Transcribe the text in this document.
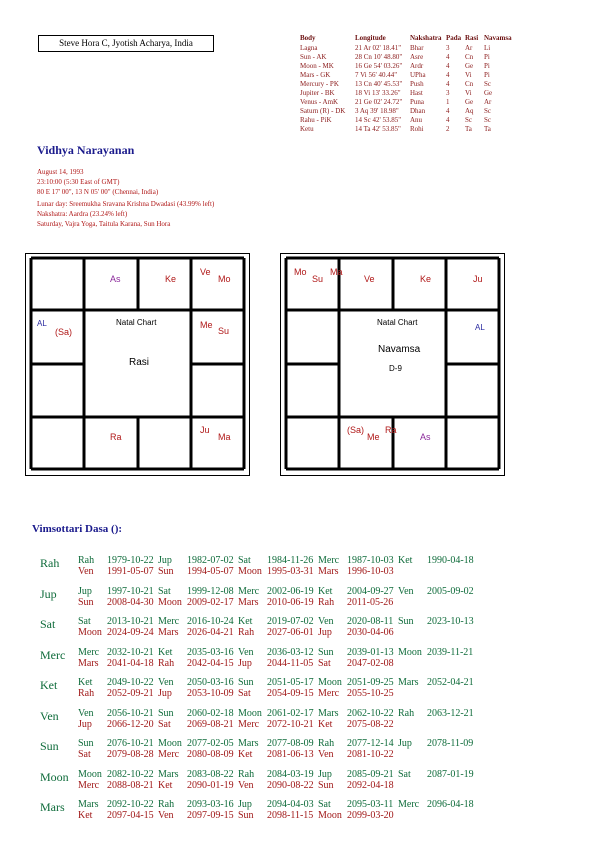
Steve Hora C, Jyotish Acharya, India	Body	Longitude	Nakshatra	Pada	Rasi	Navamsa
Lagna	21 Ar 02' 18.41"	Bhar	3	Ar	Li
Sun - AK	28 Cn 10' 48.80"	Asre	4	Cn	Pi
Moon - MK	16 Ge 54' 03.26"	Ardr	4	Ge	Pi
Mars - GK	7 Vi 56' 40.44"	UPha	4	Vi	Pi
Mercury - PK	13 Cn 40' 45.53"	Push	4	Cn	Sc
Jupiter - BK	18 Vi 13' 33.26"	Hast	3	Vi	Ge
Venus - AmK	21 Ge 02' 24.72"	Puna	1	Ge	Ar
Saturn (R) - DK	3 Aq 39' 18.98"	Dhan	4	Aq	Sc
Rahu - PiK	14 Sc 42' 53.85"	Anu	4	Sc	Sc
Ketu	14 Ta 42' 53.85"	Rohi	2	Ta	Ta
Vidhya Narayanan
August 14, 1993
23:10:00 (5:30 East of GMT)
80 E 17' 00", 13 N 05' 00" (Chennai, India)
Lunar day: Sreemukha Sravana Krishna Dwadasi (43.99% left)
Nakshatra: Aardra (23.24% left)
Saturday, Vajra Yoga, Taitula Karana, Sun Hora
As	Ke
Ve
Mo
AL
(Sa)
Me
Su
Ra
Ju
Ma
Natal Chart
Rasi
Mo
Su
Ma
Ve	Ke	Ju
AL
(Sa)
Me
Ra
As
Natal Chart
Navamsa
D-9
Vimsottari Dasa ():
Rah Rah 1979-10-22 Jup 1982-07-02 Sat 1984-11-26 Merc 1987-10-03 Ket 1990-04-18
Ven 1991-05-07 Sun 1994-05-07 Moon 1995-03-31 Mars 1996-10-03
Jup Jup 1997-10-21 Sat 1999-12-08 Merc 2002-06-19 Ket 2004-09-27 Ven 2005-09-02
Sun 2008-04-30 Moon 2009-02-17 Mars 2010-06-19 Rah 2011-05-26
Sat Sat 2013-10-21 Merc 2016-10-24 Ket 2019-07-02 Ven 2020-08-11 Sun 2023-10-13
Moon 2024-09-24 Mars 2026-04-21 Rah 2027-06-01 Jup 2030-04-06
Merc Merc 2032-10-21 Ket 2035-03-16 Ven 2036-03-12 Sun 2039-01-13 Moon 2039-11-21
Mars 2041-04-18 Rah 2042-04-15 Jup 2044-11-05 Sat 2047-02-08
Ket Ket 2049-10-22 Ven 2050-03-16 Sun 2051-05-17 Moon 2051-09-25 Mars 2052-04-21
Rah 2052-09-21 Jup 2053-10-09 Sat 2054-09-15 Merc 2055-10-25
Ven Ven 2056-10-21 Sun 2060-02-18 Moon 2061-02-17 Mars 2062-10-22 Rah 2063-12-21
Jup 2066-12-20 Sat 2069-08-21 Merc 2072-10-21 Ket 2075-08-22
Sun Sun 2076-10-21 Moon 2077-02-05 Mars 2077-08-09 Rah 2077-12-14 Jup 2078-11-09
Sat 2079-08-28 Merc 2080-08-09 Ket 2081-06-13 Ven 2081-10-22
Moon Moon 2082-10-22 Mars 2083-08-22 Rah 2084-03-19 Jup 2085-09-21 Sat 2087-01-19
Merc 2088-08-21 Ket 2090-01-19 Ven 2090-08-22 Sun 2092-04-18
Mars Mars 2092-10-22 Rah 2093-03-16 Jup 2094-04-03 Sat 2095-03-11 Merc 2096-04-18
Ket 2097-04-15 Ven 2097-09-15 Sun 2098-11-15 Moon 2099-03-20
